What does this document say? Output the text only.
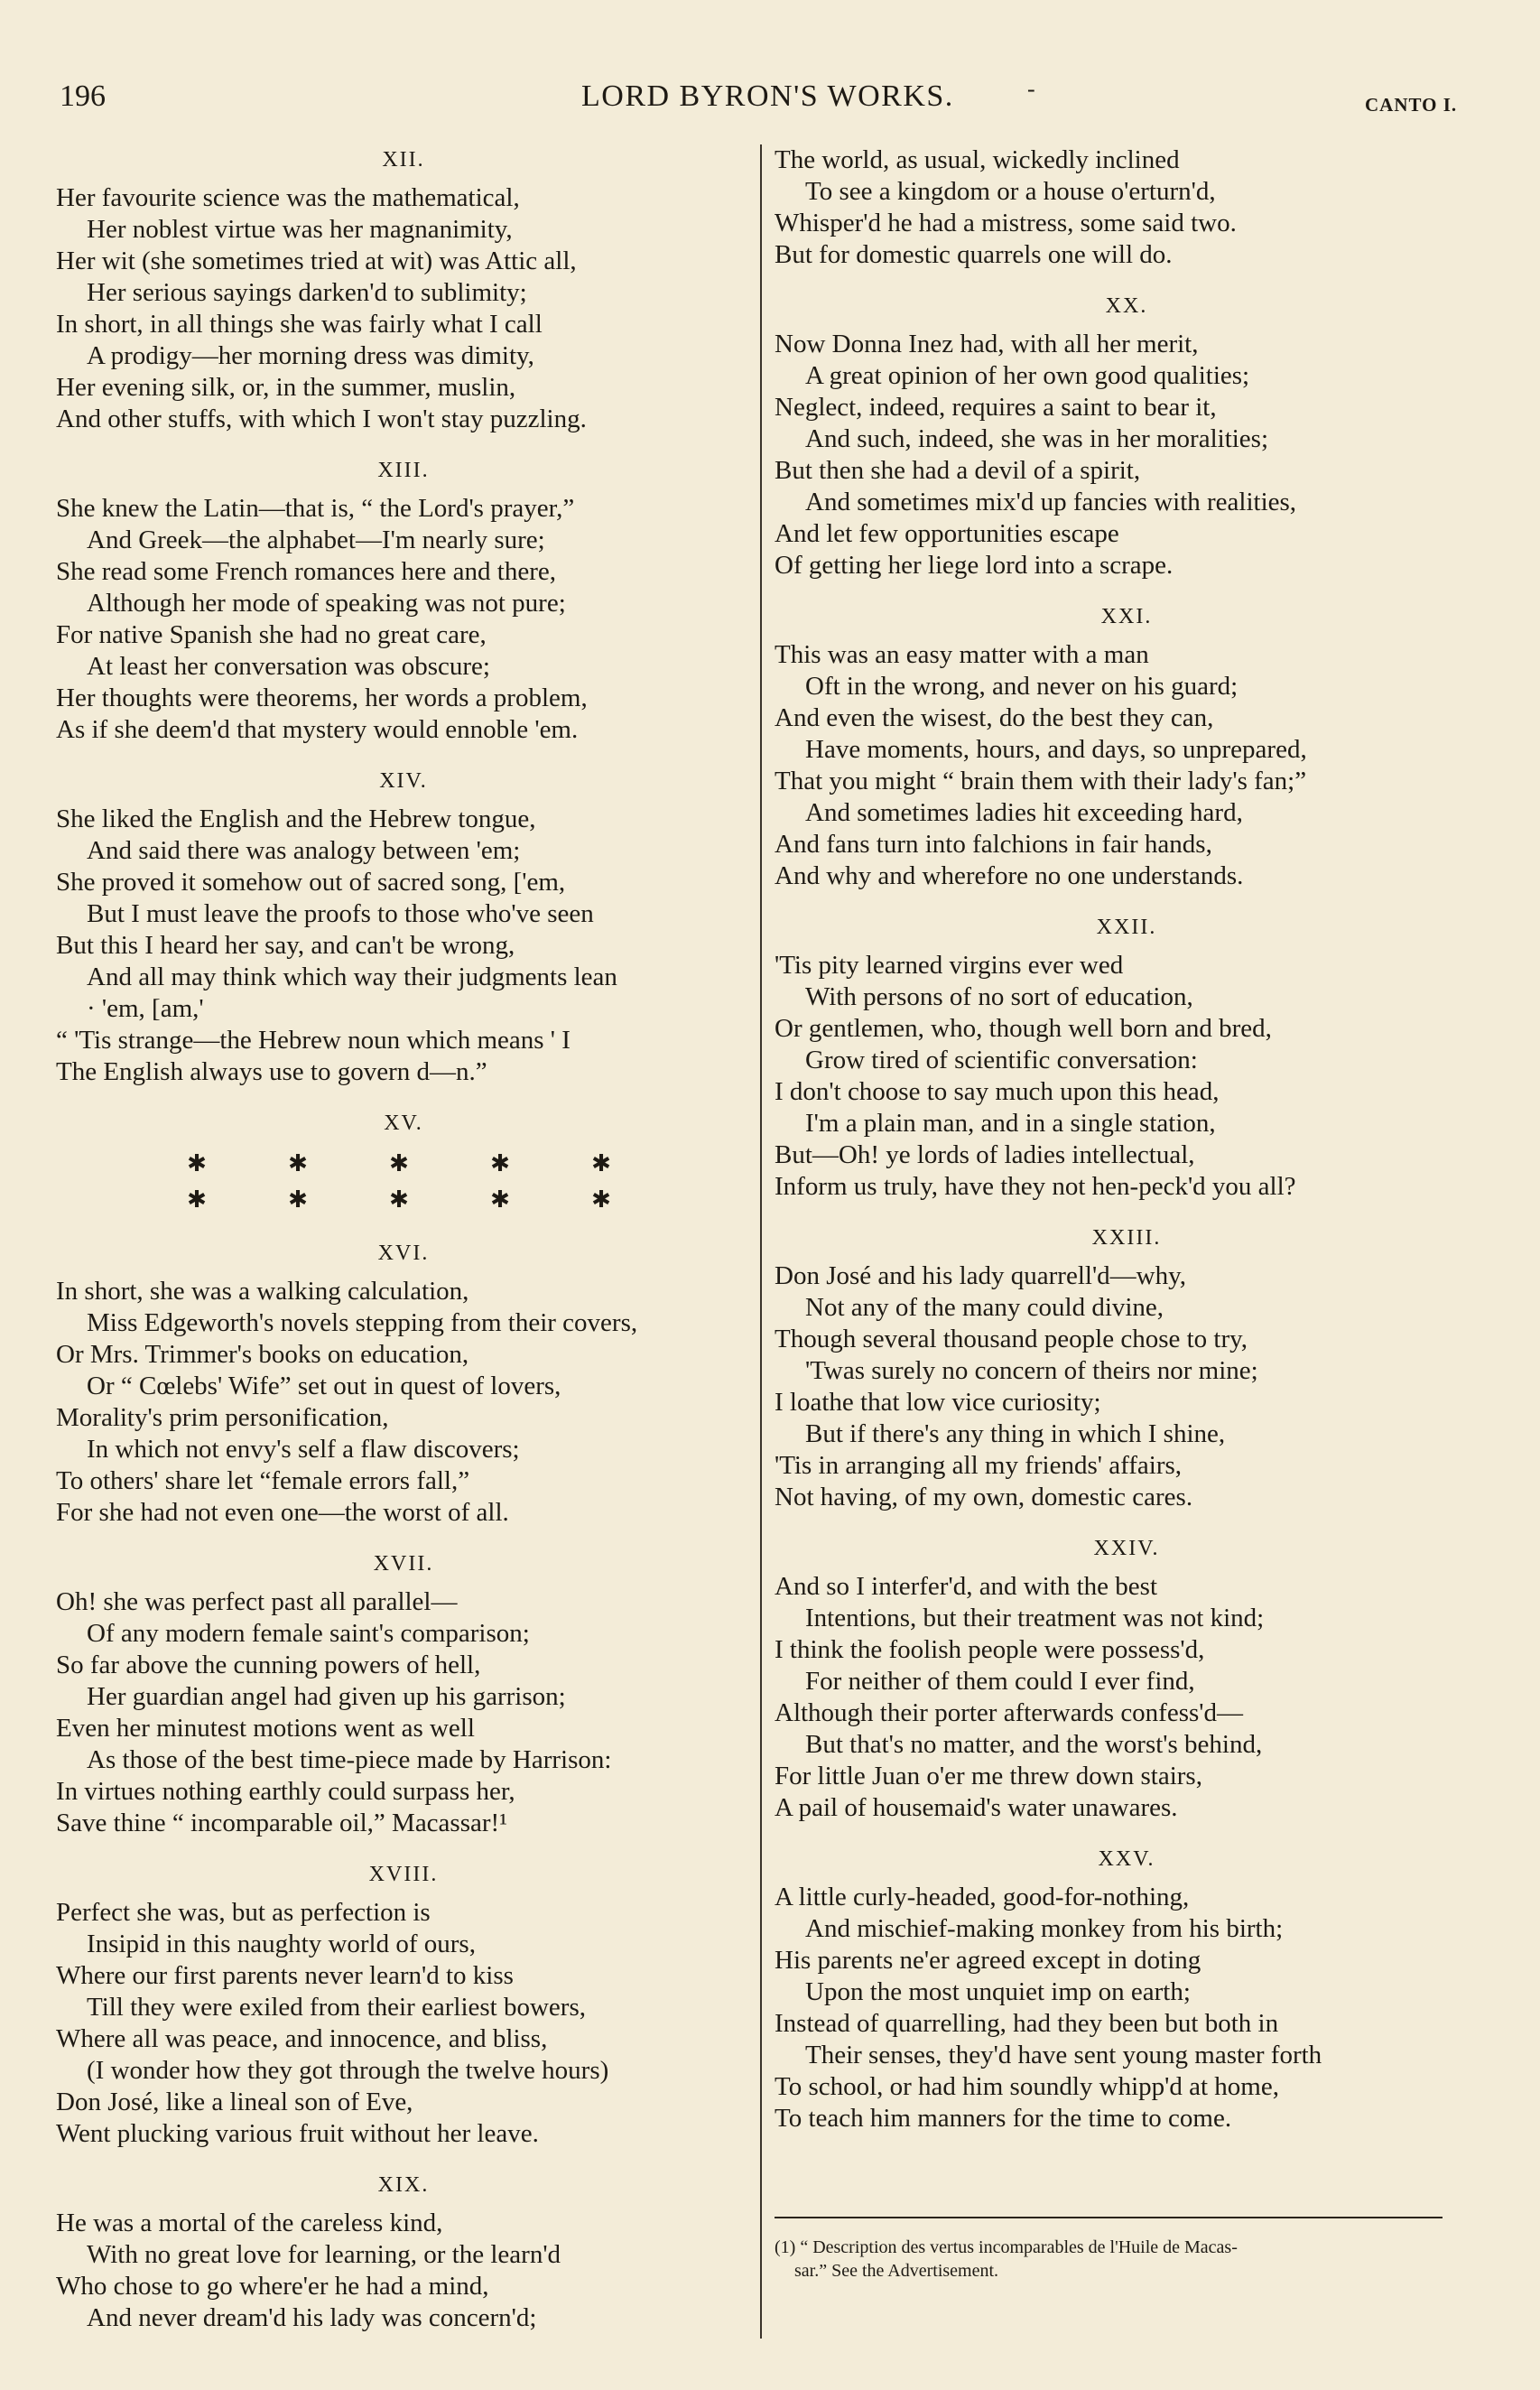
196	LORD BYRON'S WORKS.	-
CANTO I.
XII.
Her favourite science was the mathematical,
Her noblest virtue was her magnanimity,
Her wit (she sometimes tried at wit) was Attic all,
Her serious sayings darken'd to sublimity;
In short, in all things she was fairly what I call
A prodigy—her morning dress was dimity,
Her evening silk, or, in the summer, muslin,
And other stuffs, with which I won't stay puzzling.
XIII.
She knew the Latin—that is, “ the Lord's prayer,”
And Greek—the alphabet—I'm nearly sure;
She read some French romances here and there,
Although her mode of speaking was not pure;
For native Spanish she had no great care,
At least her conversation was obscure;
Her thoughts were theorems, her words a problem,
As if she deem'd that mystery would ennoble 'em.
XIV.
She liked the English and the Hebrew tongue,
And said there was analogy between 'em;
She proved it somehow out of sacred song, ['em,
But I must leave the proofs to those who've seen
But this I heard her say, and can't be wrong,
And all may think which way their judgments lean
· 'em, [am,'
“ 'Tis strange—the Hebrew noun which means ' I
The English always use to govern d—n.”
XV.
✱	✱	✱	✱	✱
✱	✱	✱	✱	✱
XVI.
In short, she was a walking calculation,
Miss Edgeworth's novels stepping from their covers,
Or Mrs. Trimmer's books on education,
Or “ Cœlebs' Wife” set out in quest of lovers,
Morality's prim personification,
In which not envy's self a flaw discovers;
To others' share let “female errors fall,”
For she had not even one—the worst of all.
XVII.
Oh! she was perfect past all parallel—
Of any modern female saint's comparison;
So far above the cunning powers of hell,
Her guardian angel had given up his garrison;
Even her minutest motions went as well
As those of the best time-piece made by Harrison:
In virtues nothing earthly could surpass her,
Save thine “ incomparable oil,” Macassar!¹
XVIII.
Perfect she was, but as perfection is
Insipid in this naughty world of ours,
Where our first parents never learn'd to kiss
Till they were exiled from their earliest bowers,
Where all was peace, and innocence, and bliss,
(I wonder how they got through the twelve hours)
Don José, like a lineal son of Eve,
Went plucking various fruit without her leave.
XIX.
He was a mortal of the careless kind,
With no great love for learning, or the learn'd
Who chose to go where'er he had a mind,
And never dream'd his lady was concern'd;
The world, as usual, wickedly inclined
To see a kingdom or a house o'erturn'd,
Whisper'd he had a mistress, some said two.
But for domestic quarrels one will do.
XX.
Now Donna Inez had, with all her merit,
A great opinion of her own good qualities;
Neglect, indeed, requires a saint to bear it,
And such, indeed, she was in her moralities;
But then she had a devil of a spirit,
And sometimes mix'd up fancies with realities,
And let few opportunities escape
Of getting her liege lord into a scrape.
XXI.
This was an easy matter with a man
Oft in the wrong, and never on his guard;
And even the wisest, do the best they can,
Have moments, hours, and days, so unprepared,
That you might “ brain them with their lady's fan;”
And sometimes ladies hit exceeding hard,
And fans turn into falchions in fair hands,
And why and wherefore no one understands.
XXII.
'Tis pity learned virgins ever wed
With persons of no sort of education,
Or gentlemen, who, though well born and bred,
Grow tired of scientific conversation:
I don't choose to say much upon this head,
I'm a plain man, and in a single station,
But—Oh! ye lords of ladies intellectual,
Inform us truly, have they not hen-peck'd you all?
XXIII.
Don José and his lady quarrell'd—why,
Not any of the many could divine,
Though several thousand people chose to try,
'Twas surely no concern of theirs nor mine;
I loathe that low vice curiosity;
But if there's any thing in which I shine,
'Tis in arranging all my friends' affairs,
Not having, of my own, domestic cares.
XXIV.
And so I interfer'd, and with the best
Intentions, but their treatment was not kind;
I think the foolish people were possess'd,
For neither of them could I ever find,
Although their porter afterwards confess'd—
But that's no matter, and the worst's behind,
For little Juan o'er me threw down stairs,
A pail of housemaid's water unawares.
XXV.
A little curly-headed, good-for-nothing,
And mischief-making monkey from his birth;
His parents ne'er agreed except in doting
Upon the most unquiet imp on earth;
Instead of quarrelling, had they been but both in
Their senses, they'd have sent young master forth
To school, or had him soundly whipp'd at home,
To teach him manners for the time to come.
(1) “ Description des vertus incomparables de l'Huile de Macas-
sar.” See the Advertisement.
